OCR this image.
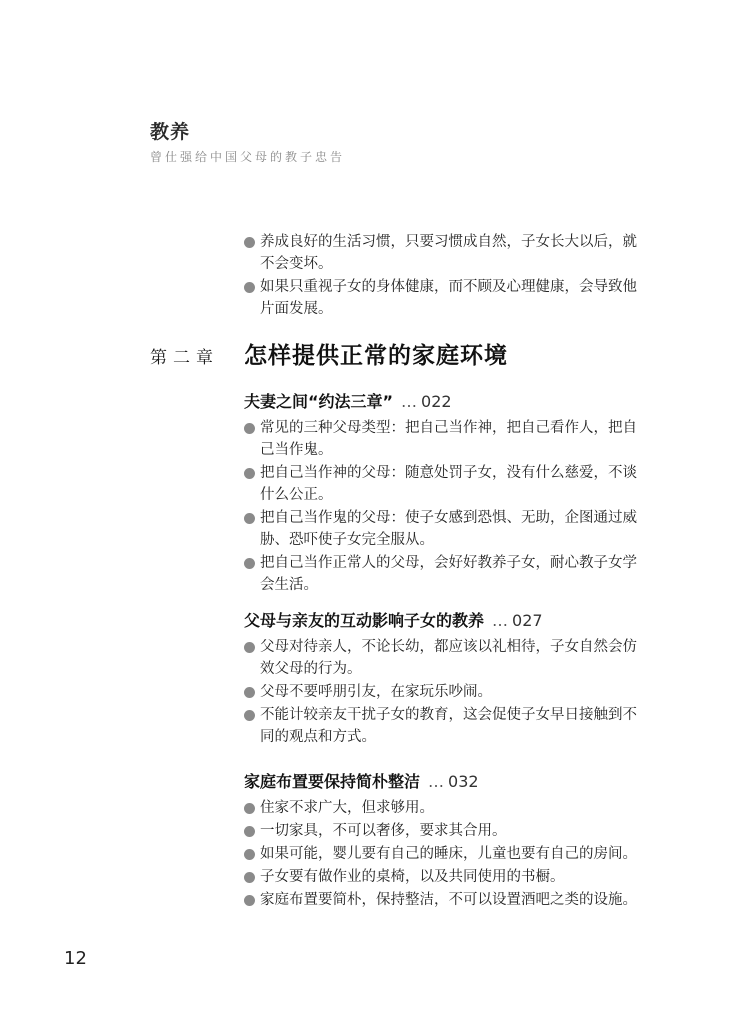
教养
曾仕强给中国父母的教子忠告
养成良好的生活习惯，只要习惯成自然，子女长大以后，就不会变坏。
如果只重视子女的身体健康，而不顾及心理健康，会导致他片面发展。
第二章 怎样提供正常的家庭环境
夫妻之间“约法三章” … 022
常见的三种父母类型：把自己当作神，把自己看作人，把自己当作鬼。
把自己当作神的父母：随意处罚子女，没有什么慈爱，不谈什么公正。
把自己当作鬼的父母：使子女感到恐惧、无助，企图通过威胁、恐吓使子女完全服从。
把自己当作正常人的父母，会好好教养子女，耐心教子女学会生活。
父母与亲友的互动影响子女的教养 … 027
父母对待亲人，不论长幼，都应该以礼相待，子女自然会仿效父母的行为。
父母不要呼朋引友，在家玩乐吵闹。
不能计较亲友干扰子女的教育，这会促使子女早日接触到不同的观点和方式。
家庭布置要保持简朴整洁 … 032
住家不求广大，但求够用。
一切家具，不可以奢侈，要求其合用。
如果可能，婴儿要有自己的睡床，儿童也要有自己的房间。
子女要有做作业的桌椅，以及共同使用的书橱。
家庭布置要简朴，保持整洁，不可以设置酒吧之类的设施。
12
